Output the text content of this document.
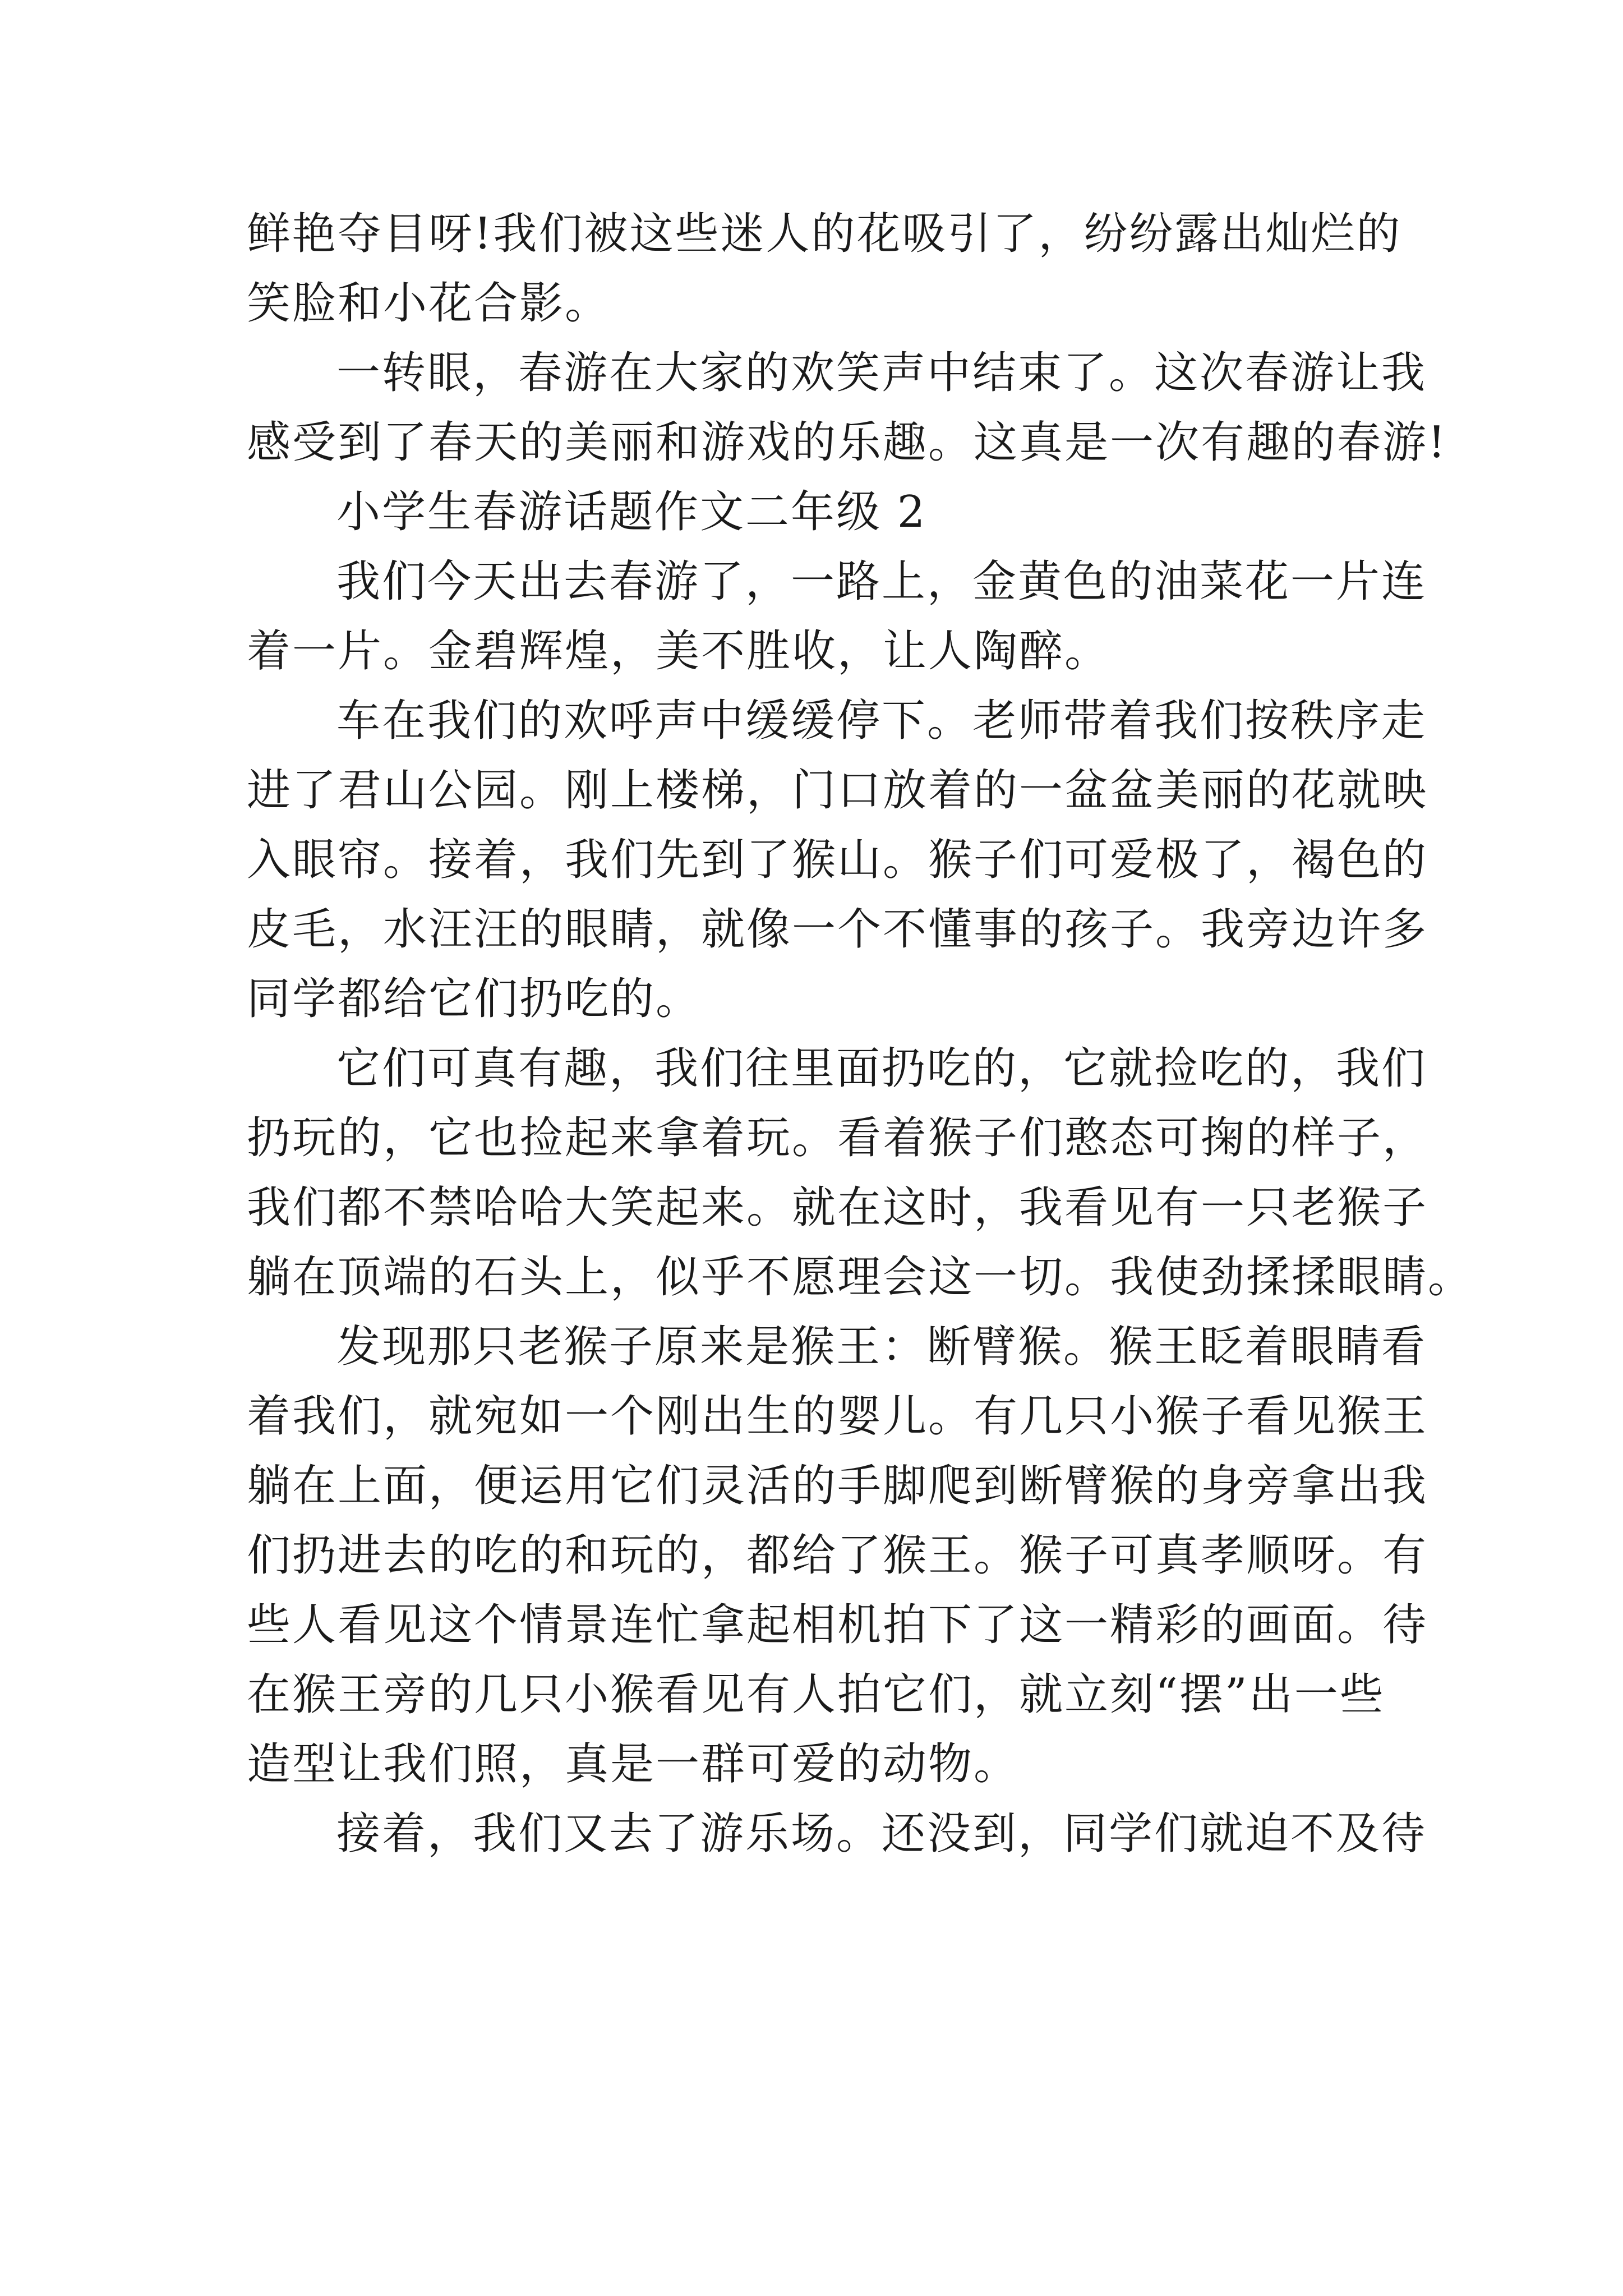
鲜艳夺目呀!我们被这些迷人的花吸引了，纷纷露出灿烂的
笑脸和小花合影。
一转眼，春游在大家的欢笑声中结束了。这次春游让我
感受到了春天的美丽和游戏的乐趣。这真是一次有趣的春游!
小学生春游话题作文二年级 2
我们今天出去春游了，一路上，金黄色的油菜花一片连
着一片。金碧辉煌，美不胜收，让人陶醉。
车在我们的欢呼声中缓缓停下。老师带着我们按秩序走
进了君山公园。刚上楼梯，门口放着的一盆盆美丽的花就映
入眼帘。接着，我们先到了猴山。猴子们可爱极了，褐色的
皮毛，水汪汪的眼睛，就像一个不懂事的孩子。我旁边许多
同学都给它们扔吃的。
它们可真有趣，我们往里面扔吃的，它就捡吃的，我们
扔玩的，它也捡起来拿着玩。看着猴子们憨态可掬的样子，
我们都不禁哈哈大笑起来。就在这时，我看见有一只老猴子
躺在顶端的石头上，似乎不愿理会这一切。我使劲揉揉眼睛。
发现那只老猴子原来是猴王：断臂猴。猴王眨着眼睛看
着我们，就宛如一个刚出生的婴儿。有几只小猴子看见猴王
躺在上面，便运用它们灵活的手脚爬到断臂猴的身旁拿出我
们扔进去的吃的和玩的，都给了猴王。猴子可真孝顺呀。有
些人看见这个情景连忙拿起相机拍下了这一精彩的画面。待
在猴王旁的几只小猴看见有人拍它们，就立刻“摆”出一些
造型让我们照，真是一群可爱的动物。
接着，我们又去了游乐场。还没到，同学们就迫不及待
